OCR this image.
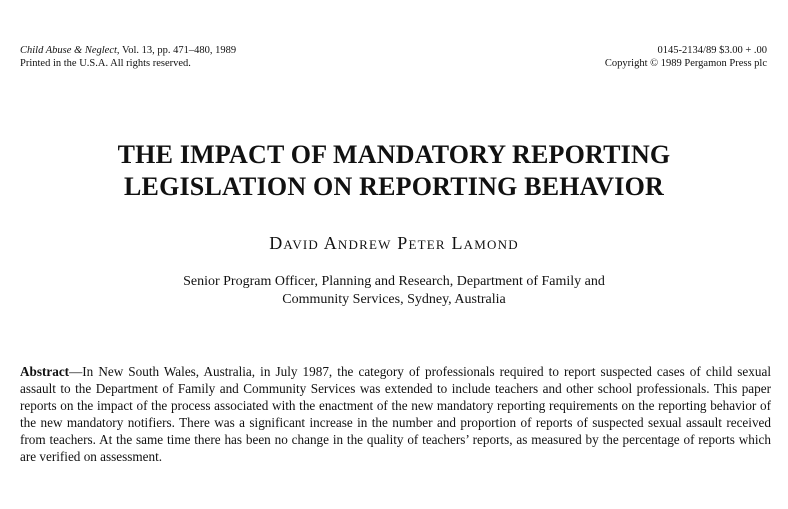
Child Abuse & Neglect, Vol. 13, pp. 471–480, 1989
Printed in the U.S.A. All rights reserved.
0145-2134/89 $3.00 + .00
Copyright © 1989 Pergamon Press plc
THE IMPACT OF MANDATORY REPORTING
LEGISLATION ON REPORTING BEHAVIOR
David Andrew Peter Lamond
Senior Program Officer, Planning and Research, Department of Family and
Community Services, Sydney, Australia

Abstract—In New South Wales, Australia, in July 1987, the category of professionals required to report suspected cases of child sexual assault to the Department of Family and Community Services was extended to include teachers and other school professionals. This paper reports on the impact of the process associated with the enactment of the new mandatory reporting requirements on the reporting behavior of the new mandatory notifiers. There was a significant increase in the number and proportion of reports of suspected sexual assault received from teachers. At the same time there has been no change in the quality of teachers’ reports, as measured by the percentage of reports which are verified on assessment.
